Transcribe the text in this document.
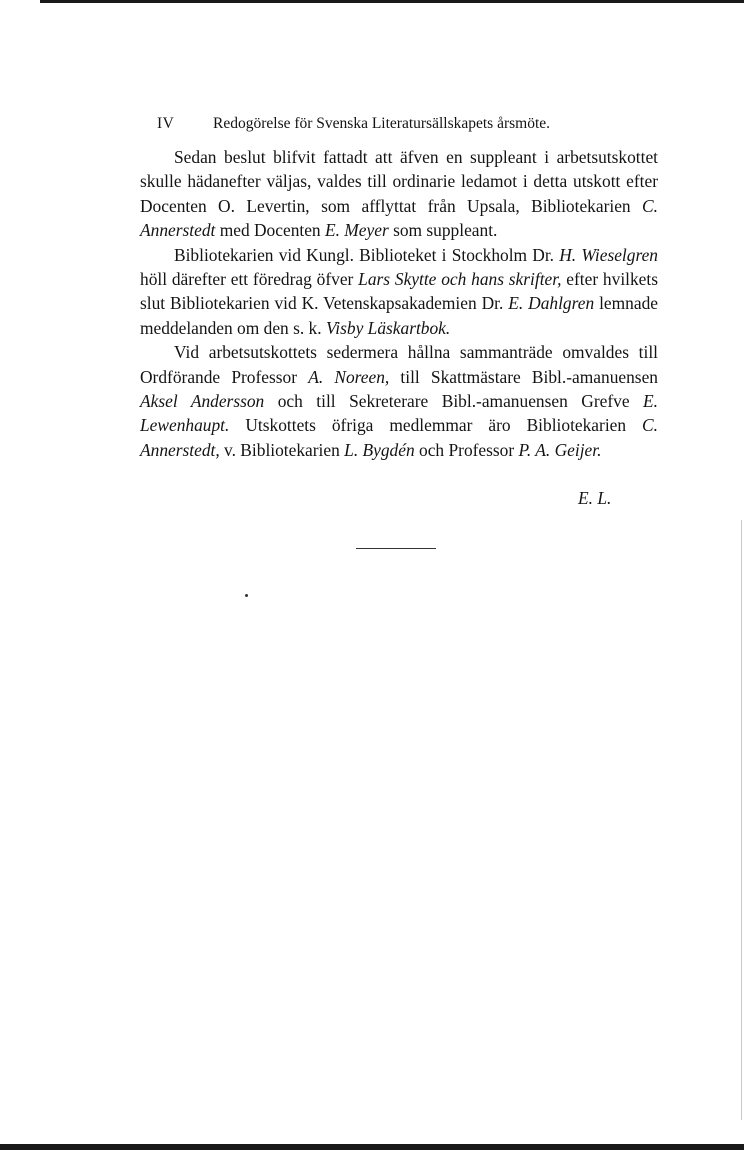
IV Redogörelse för Svenska Literatursällskapets årsmöte.

Sedan beslut blifvit fattadt att äfven en suppleant i arbetsutskottet skulle hädanefter väljas, valdes till ordinarie ledamot i detta utskott efter Docenten O. Levertin, som afflyttat från Upsala, Bibliotekarien C. Annerstedt med Docenten E. Meyer som suppleant.

Bibliotekarien vid Kungl. Biblioteket i Stockholm Dr. H. Wieselgren höll därefter ett föredrag öfver Lars Skytte och hans skrifter, efter hvilkets slut Bibliotekarien vid K. Vetenskapsakademien Dr. E. Dahlgren lemnade meddelanden om den s. k. Visby Läskartbok.

Vid arbetsutskottets sedermera hållna sammanträde omvaldes till Ordförande Professor A. Noreen, till Skattmästare Bibl.-amanuensen Aksel Andersson och till Sekreterare Bibl.-amanuensen Grefve E. Lewenhaupt. Utskottets öfriga medlemmar äro Bibliotekarien C. Annerstedt, v. Bibliotekarien L. Bygdén och Professor P. A. Geijer.

E. L.
